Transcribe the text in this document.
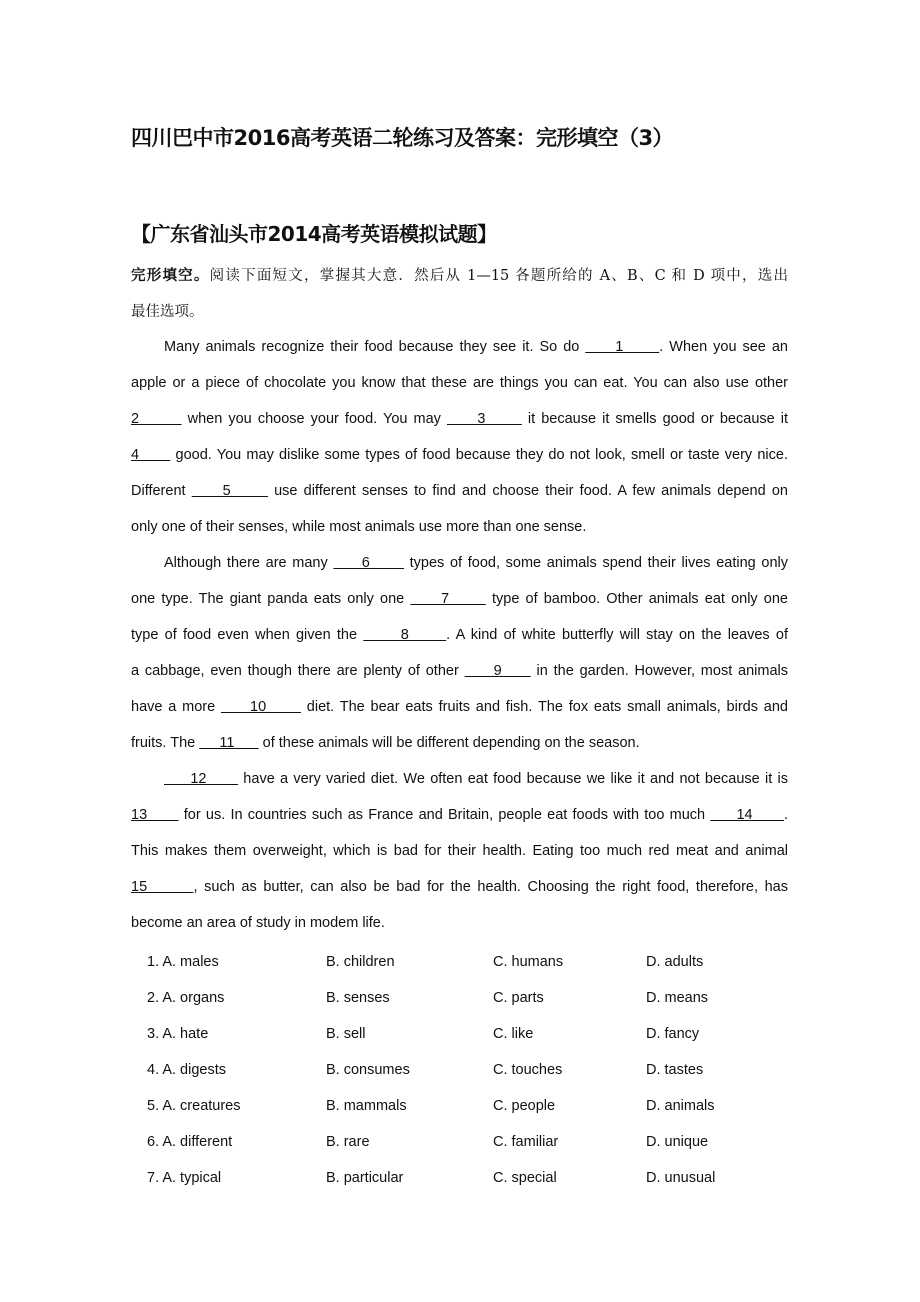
四川巴中市2016高考英语二轮练习及答案：完形填空（3）
【广东省汕头市2014高考英语模拟试题】
完形填空。阅读下面短文，掌握其大意．然后从 1—15 各题所给的 A、B、C 和 D 项中，选出
最佳选项。
Many animals recognize their food because they see it. So do      1      . When you see an
apple or a piece of chocolate you know that these are things you can eat. You can also use other
2        when you choose your food. You may      3       it because it smells good or because it
4       good. You may dislike some types of food because they do not look, smell or taste very nice.
Different      5       use different senses to find and choose their food. A few animals depend on
only one of their senses, while most animals use more than one sense.
Although there are many      6       types of food, some animals spend their lives eating only
one type. The giant panda eats only one      7       type of bamboo. Other animals eat only one
type of food even when given the       8      . A kind of white butterfly will stay on the leaves of
a cabbage, even though there are plenty of other      9      in the garden. However, most animals
have a more      10       diet. The bear eats fruits and fish. The fox eats small animals, birds and
fruits. The      11       of these animals will be different depending on the season.
12       have a very varied diet. We often eat food because we like it and not because it is
13       for us. In countries such as France and Britain, people eat foods with too much      14      .
This makes them overweight, which is bad for their health. Eating too much red meat and animal
15       , such as butter, can also be bad for the health. Choosing the right food, therefore, has
become an area of study in modem life.
1. A. males	B. children	C. humans	D. adults
2. A. organs	B. senses	C. parts	D. means
3. A. hate	B. sell	C. like	D. fancy
4. A. digests	B. consumes	C. touches	D. tastes
5. A. creatures	B. mammals	C. people	D. animals
6. A. different	B. rare	C. familiar	D. unique
7. A. typical	B. particular	C. special	D. unusual
